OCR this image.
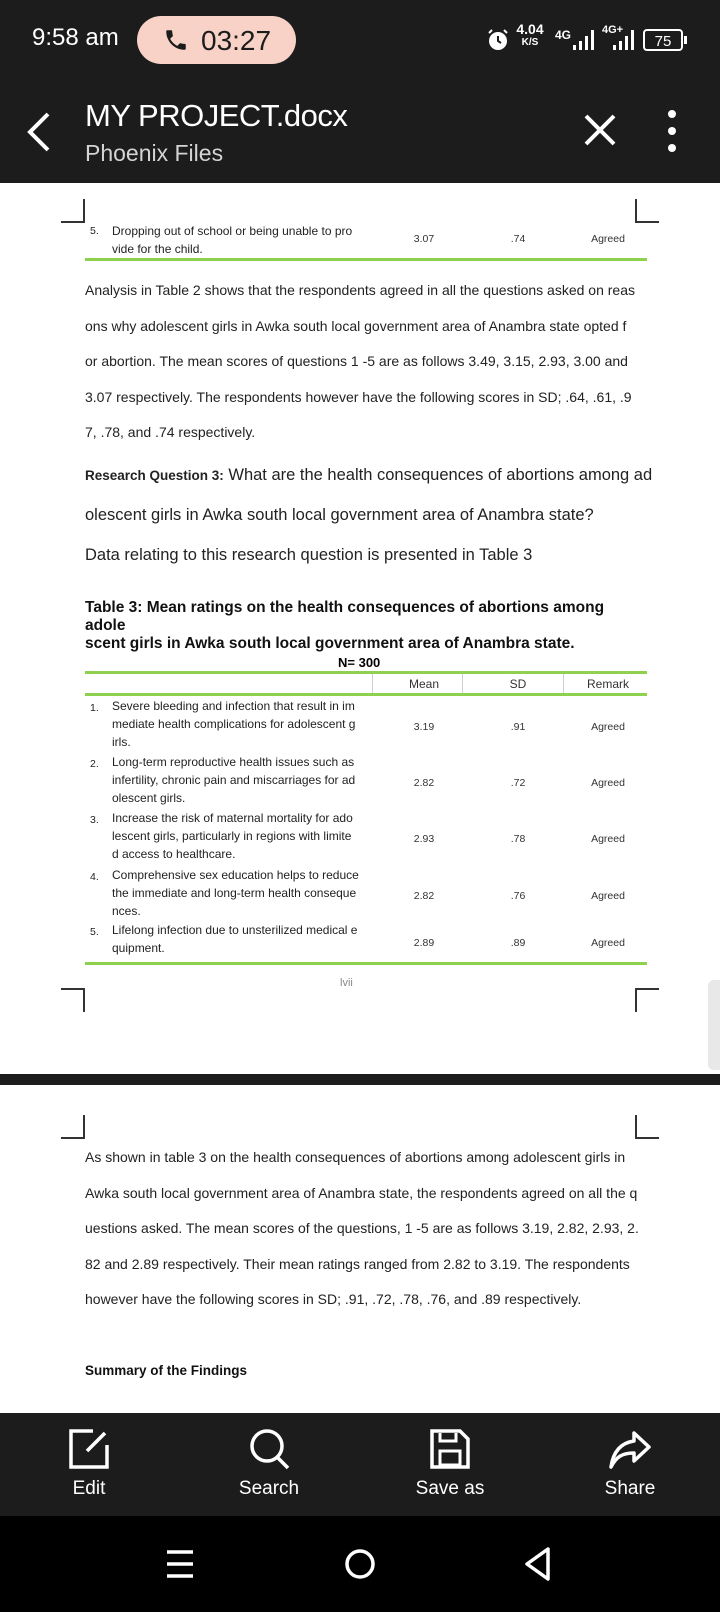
9:58 am	03:27	4.04
K/S
4G	4G+
75
MY PROJECT.docx
Phoenix Files
5. Dropping out of school or being unable to pro
vide for the child.
3.07	.74	Agreed
Analysis in Table 2 shows that the respondents agreed in all the questions asked on reas
ons why adolescent girls in Awka south local government area of Anambra state opted f
or abortion. The mean scores of questions 1 -5 are as follows 3.49, 3.15, 2.93, 3.00 and
3.07 respectively. The respondents however have the following scores in SD; .64, .61, .9
7, .78, and .74 respectively.
Research Question 3: What are the health consequences of abortions among ad
olescent girls in Awka south local government area of Anambra state?
Data relating to this research question is presented in Table 3
Table 3: Mean ratings on the health consequences of abortions among adole
scent girls in Awka south local government area of Anambra state.
N= 300
Mean	SD	Remark
1. Severe bleeding and infection that result in im
mediate health complications for adolescent g
irls.
3.19	.91	Agreed
2. Long-term reproductive health issues such as
infertility, chronic pain and miscarriages for ad
olescent girls.
2.82	.72	Agreed
3. Increase the risk of maternal mortality for ado
lescent girls, particularly in regions with limite
d access to healthcare.
2.93	.78	Agreed
4. Comprehensive sex education helps to reduce
the immediate and long-term health conseque
nces.
2.82	.76	Agreed
5. Lifelong infection due to unsterilized medical e
quipment.	2.89	.89	Agreed
lvii
As shown in table 3 on the health consequences of abortions among adolescent girls in
Awka south local government area of Anambra state, the respondents agreed on all the q
uestions asked. The mean scores of the questions, 1 -5 are as follows 3.19, 2.82, 2.93, 2.
82 and 2.89 respectively. Their mean ratings ranged from 2.82 to 3.19. The respondents
however have the following scores in SD; .91, .72, .78, .76, and .89 respectively.
Summary of the Findings
Edit	Search	Save as	Share
